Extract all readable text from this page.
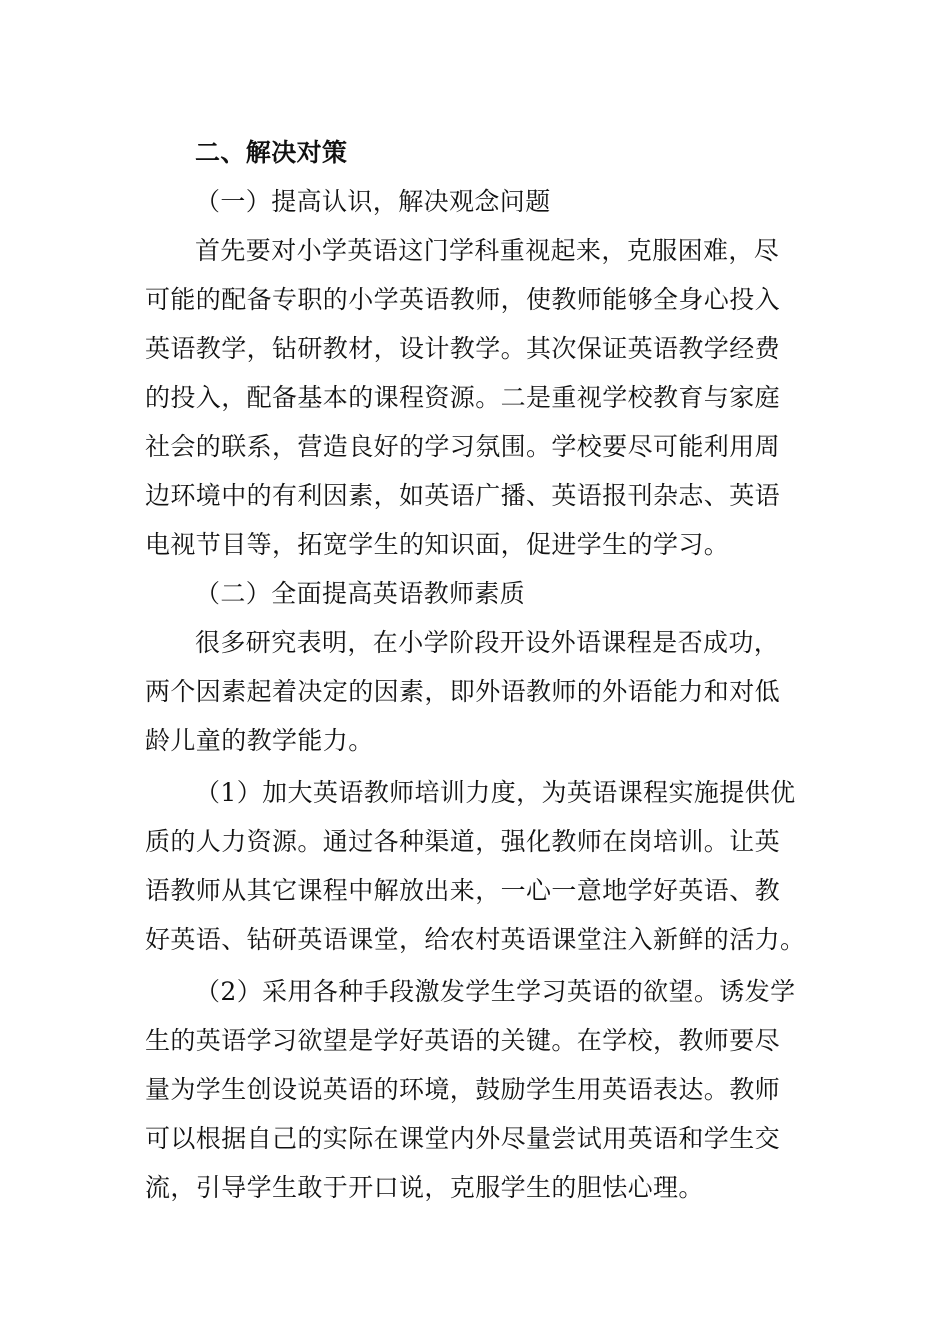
二、解决对策
（一）提高认识，解决观念问题
首先要对小学英语这门学科重视起来，克服困难，尽
可能的配备专职的小学英语教师，使教师能够全身心投入
英语教学，钻研教材，设计教学。其次保证英语教学经费
的投入，配备基本的课程资源。二是重视学校教育与家庭
社会的联系，营造良好的学习氛围。学校要尽可能利用周
边环境中的有利因素，如英语广播、英语报刊杂志、英语
电视节目等，拓宽学生的知识面，促进学生的学习。
（二）全面提高英语教师素质
很多研究表明，在小学阶段开设外语课程是否成功，
两个因素起着决定的因素，即外语教师的外语能力和对低
龄儿童的教学能力。
（1）加大英语教师培训力度，为英语课程实施提供优
质的人力资源。通过各种渠道，强化教师在岗培训。让英
语教师从其它课程中解放出来，一心一意地学好英语、教
好英语、钻研英语课堂，给农村英语课堂注入新鲜的活力。
（2）采用各种手段激发学生学习英语的欲望。诱发学
生的英语学习欲望是学好英语的关键。在学校，教师要尽
量为学生创设说英语的环境，鼓励学生用英语表达。教师
可以根据自己的实际在课堂内外尽量尝试用英语和学生交
流，引导学生敢于开口说，克服学生的胆怯心理。
